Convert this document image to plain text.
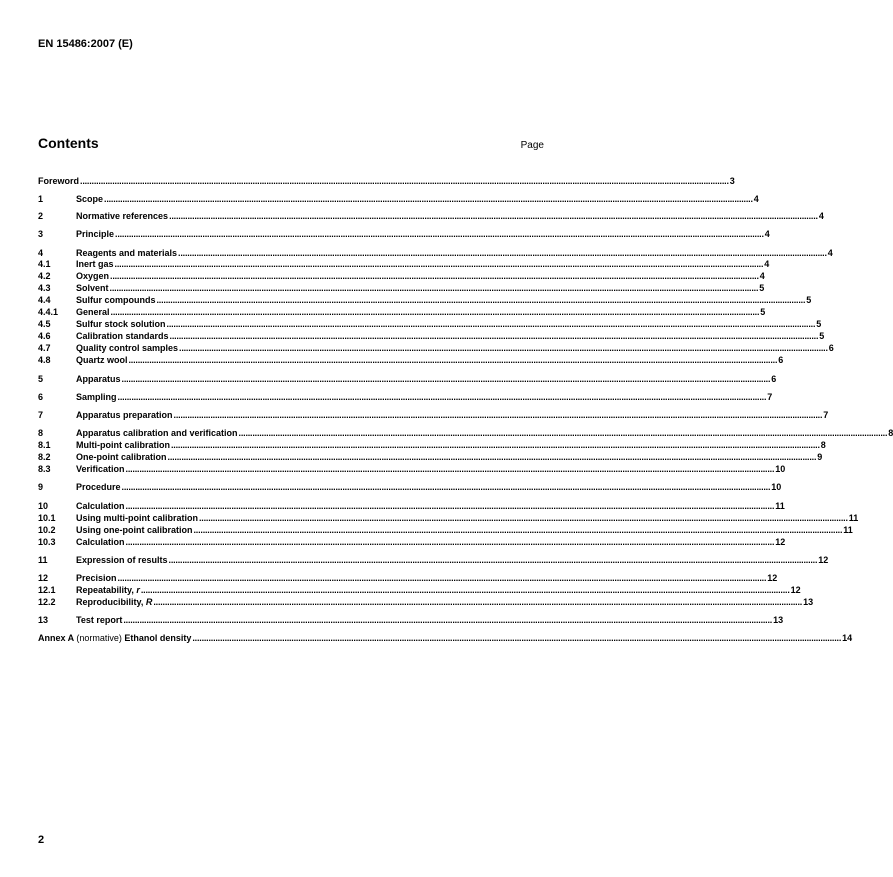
EN 15486:2007 (E)
Contents	Page
Foreword .....	3
1	Scope .....	4
2	Normative references .....	4
3	Principle .....	4
4	Reagents and materials .....	4
4.1	Inert gas .....	4
4.2	Oxygen .....	4
4.3	Solvent .....	5
4.4	Sulfur compounds .....	5
4.4.1	General .....	5
4.5	Sulfur stock solution .....	5
4.6	Calibration standards .....	5
4.7	Quality control samples .....	6
4.8	Quartz wool .....	6
5	Apparatus .....	6
6	Sampling .....	7
7	Apparatus preparation .....	7
8	Apparatus calibration and verification .....	8
8.1	Multi-point calibration .....	8
8.2	One-point calibration .....	9
8.3	Verification .....	10
9	Procedure .....	10
10	Calculation .....	11
10.1	Using multi-point calibration .....	11
10.2	Using one-point calibration .....	11
10.3	Calculation .....	12
11	Expression of results .....	12
12	Precision .....	12
12.1	Repeatability, r .....	12
12.2	Reproducibility, R .....	13
13	Test report .....	13
Annex A (normative) Ethanol density .....	14
2
